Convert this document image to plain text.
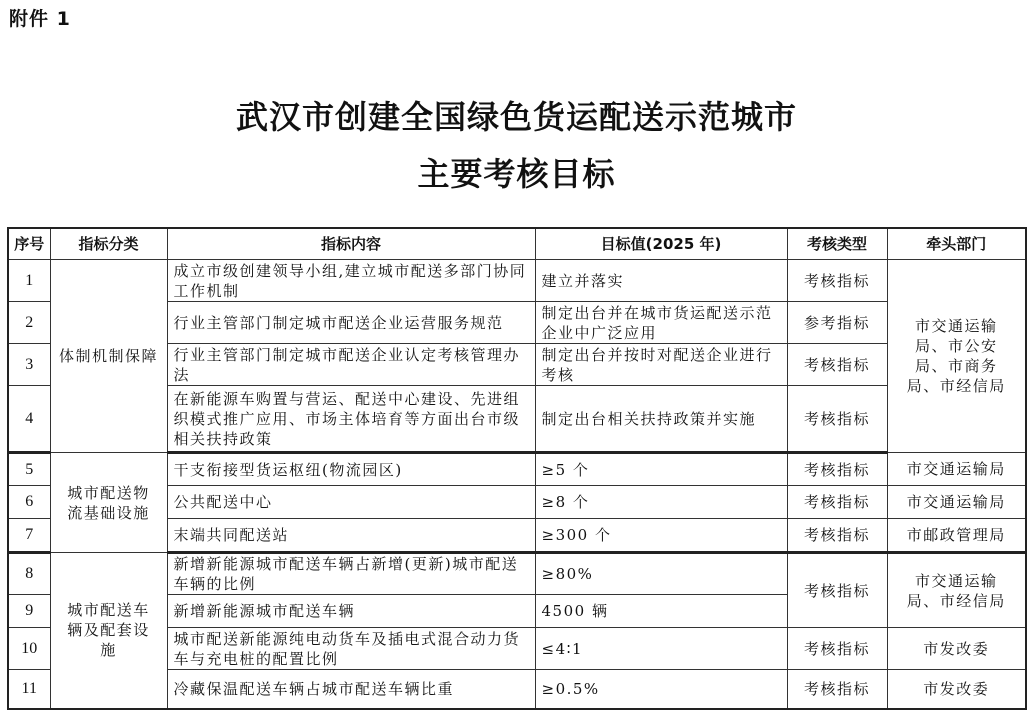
附件 1
武汉市创建全国绿色货运配送示范城市
主要考核目标
序号	指标分类	指标内容	目标值(2025 年)	考核类型	牵头部门
1	体制机制保障	成立市级创建领导小组,建立城市配送多部门协同工作机制	建立并落实	考核指标	市交通运输局、市公安局、市商务局、市经信局
2		行业主管部门制定城市配送企业运营服务规范	制定出台并在城市货运配送示范企业中广泛应用	参考指标	
3		行业主管部门制定城市配送企业认定考核管理办法	制定出台并按时对配送企业进行考核	考核指标	
4		在新能源车购置与营运、配送中心建设、先进组织模式推广应用、市场主体培育等方面出台市级相关扶持政策	制定出台相关扶持政策并实施	考核指标	
5	城市配送物流基础设施	干支衔接型货运枢纽(物流园区)	≥5 个	考核指标	市交通运输局
6		公共配送中心	≥8 个	考核指标	市交通运输局
7		末端共同配送站	≥300 个	考核指标	市邮政管理局
8	城市配送车辆及配套设施	新增新能源城市配送车辆占新增(更新)城市配送车辆的比例	≥80%	考核指标	市交通运输局、市经信局
9		新增新能源城市配送车辆	4500 辆		
10		城市配送新能源纯电动货车及插电式混合动力货车与充电桩的配置比例	≤4∶1	考核指标	市发改委
11		冷藏保温配送车辆占城市配送车辆比重	≥0.5%	考核指标	市发改委
